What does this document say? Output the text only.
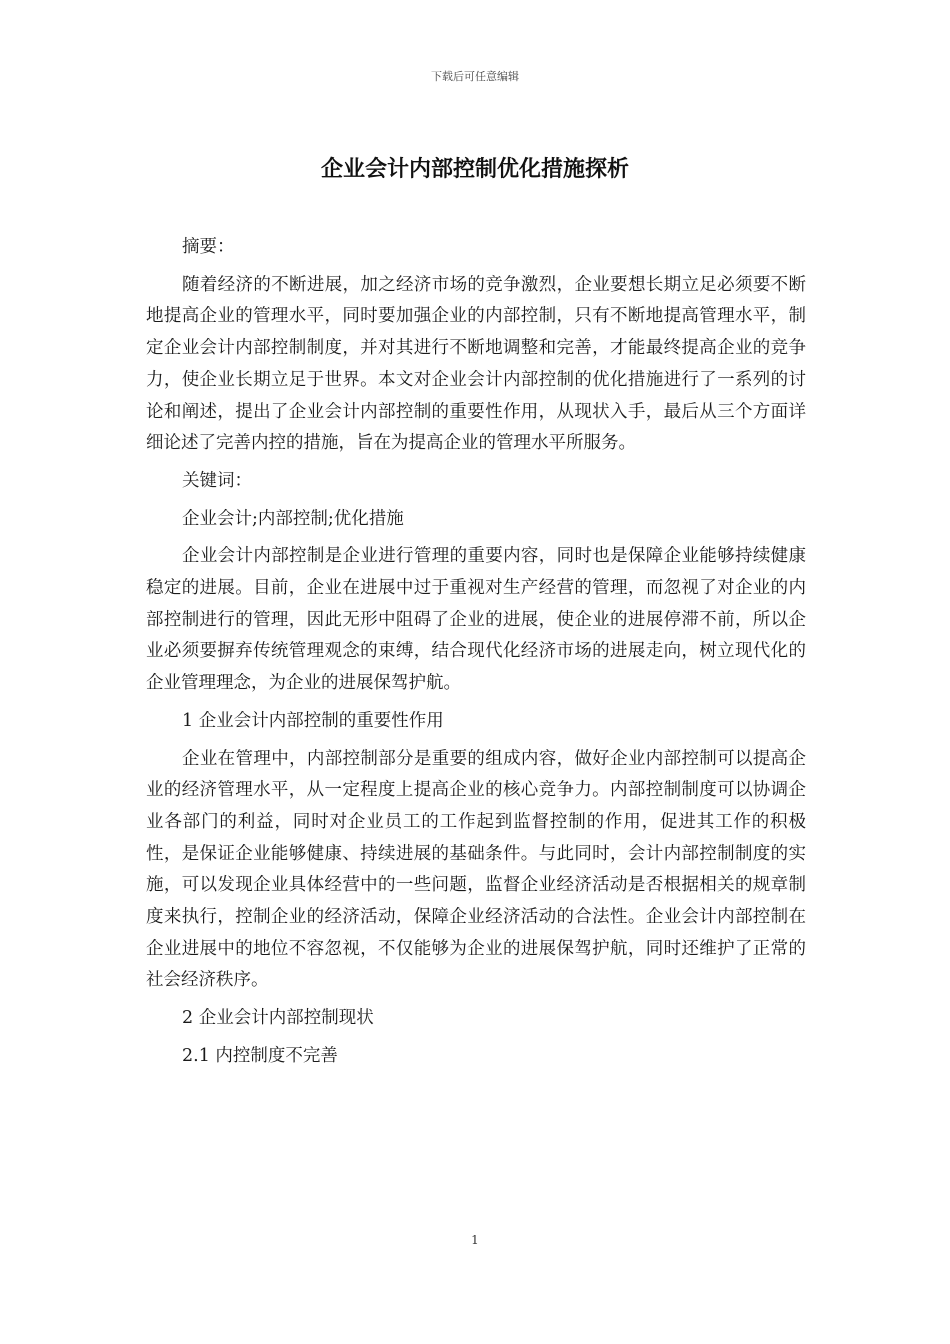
下载后可任意编辑
企业会计内部控制优化措施探析

摘要：

随着经济的不断进展，加之经济市场的竞争激烈，企业要想长期立足必须要不断地提高企业的管理水平，同时要加强企业的内部控制，只有不断地提高管理水平，制定企业会计内部控制制度，并对其进行不断地调整和完善，才能最终提高企业的竞争力，使企业长期立足于世界。本文对企业会计内部控制的优化措施进行了一系列的讨论和阐述，提出了企业会计内部控制的重要性作用，从现状入手，最后从三个方面详细论述了完善内控的措施，旨在为提高企业的管理水平所服务。

关键词：

企业会计;内部控制;优化措施

企业会计内部控制是企业进行管理的重要内容，同时也是保障企业能够持续健康稳定的进展。目前，企业在进展中过于重视对生产经营的管理，而忽视了对企业的内部控制进行的管理，因此无形中阻碍了企业的进展，使企业的进展停滞不前，所以企业必须要摒弃传统管理观念的束缚，结合现代化经济市场的进展走向，树立现代化的企业管理理念，为企业的进展保驾护航。

1 企业会计内部控制的重要性作用

企业在管理中，内部控制部分是重要的组成内容，做好企业内部控制可以提高企业的经济管理水平，从一定程度上提高企业的核心竞争力。内部控制制度可以协调企业各部门的利益，同时对企业员工的工作起到监督控制的作用，促进其工作的积极性，是保证企业能够健康、持续进展的基础条件。与此同时，会计内部控制制度的实施，可以发现企业具体经营中的一些问题，监督企业经济活动是否根据相关的规章制度来执行，控制企业的经济活动，保障企业经济活动的合法性。企业会计内部控制在企业进展中的地位不容忽视，不仅能够为企业的进展保驾护航，同时还维护了正常的社会经济秩序。

2 企业会计内部控制现状

2.1 内控制度不完善

1
